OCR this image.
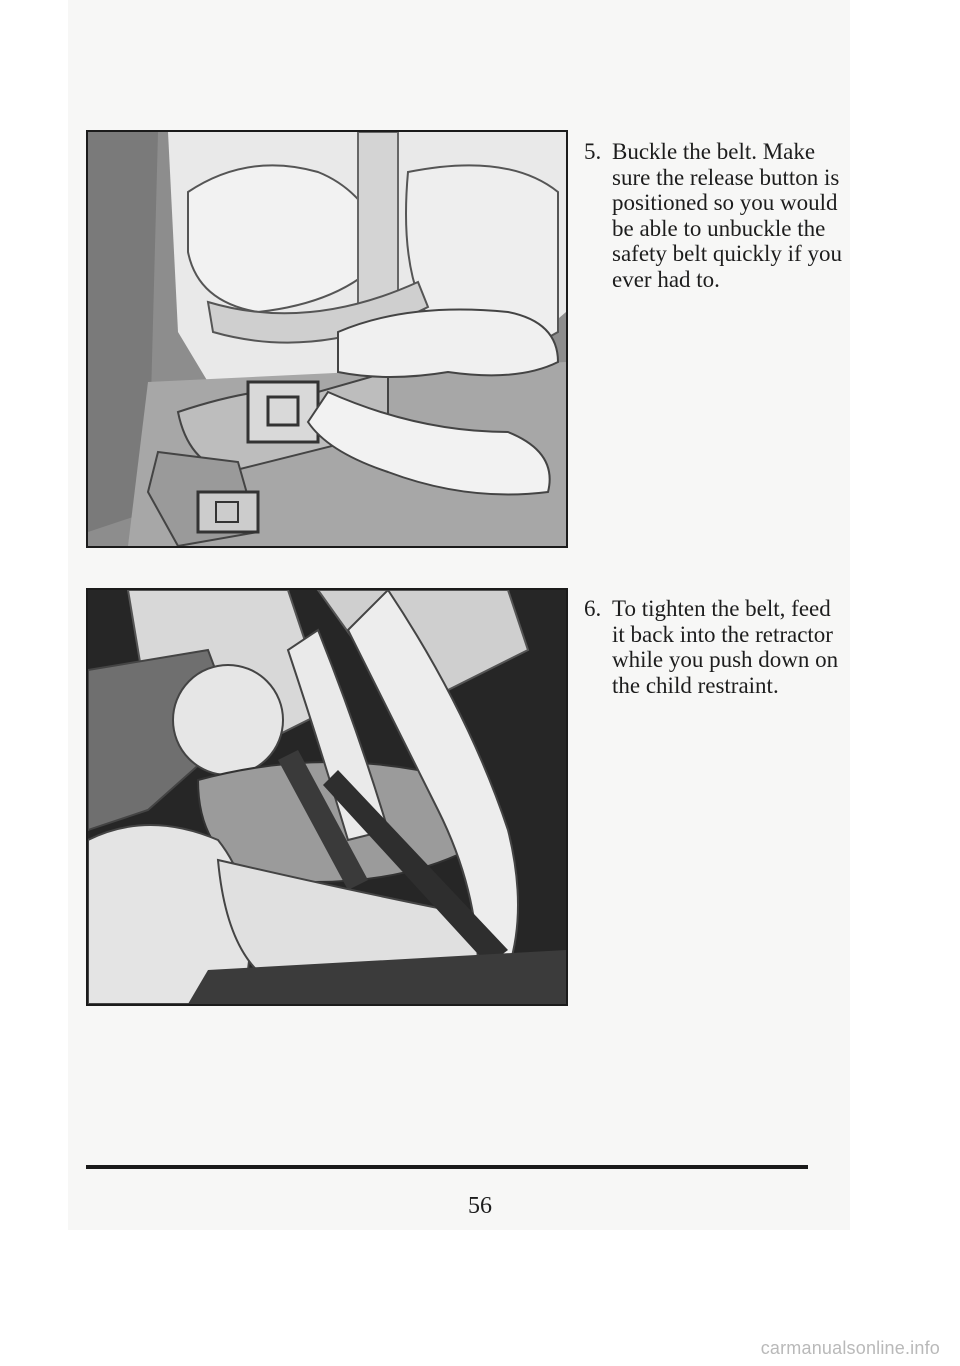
5. Buckle the belt. Make sure the release button is positioned so you would be able to unbuckle the safety belt quickly if you ever had to.
6. To tighten the belt, feed it back into the retractor while you push down on the child restraint.
56
carmanualsonline.info
